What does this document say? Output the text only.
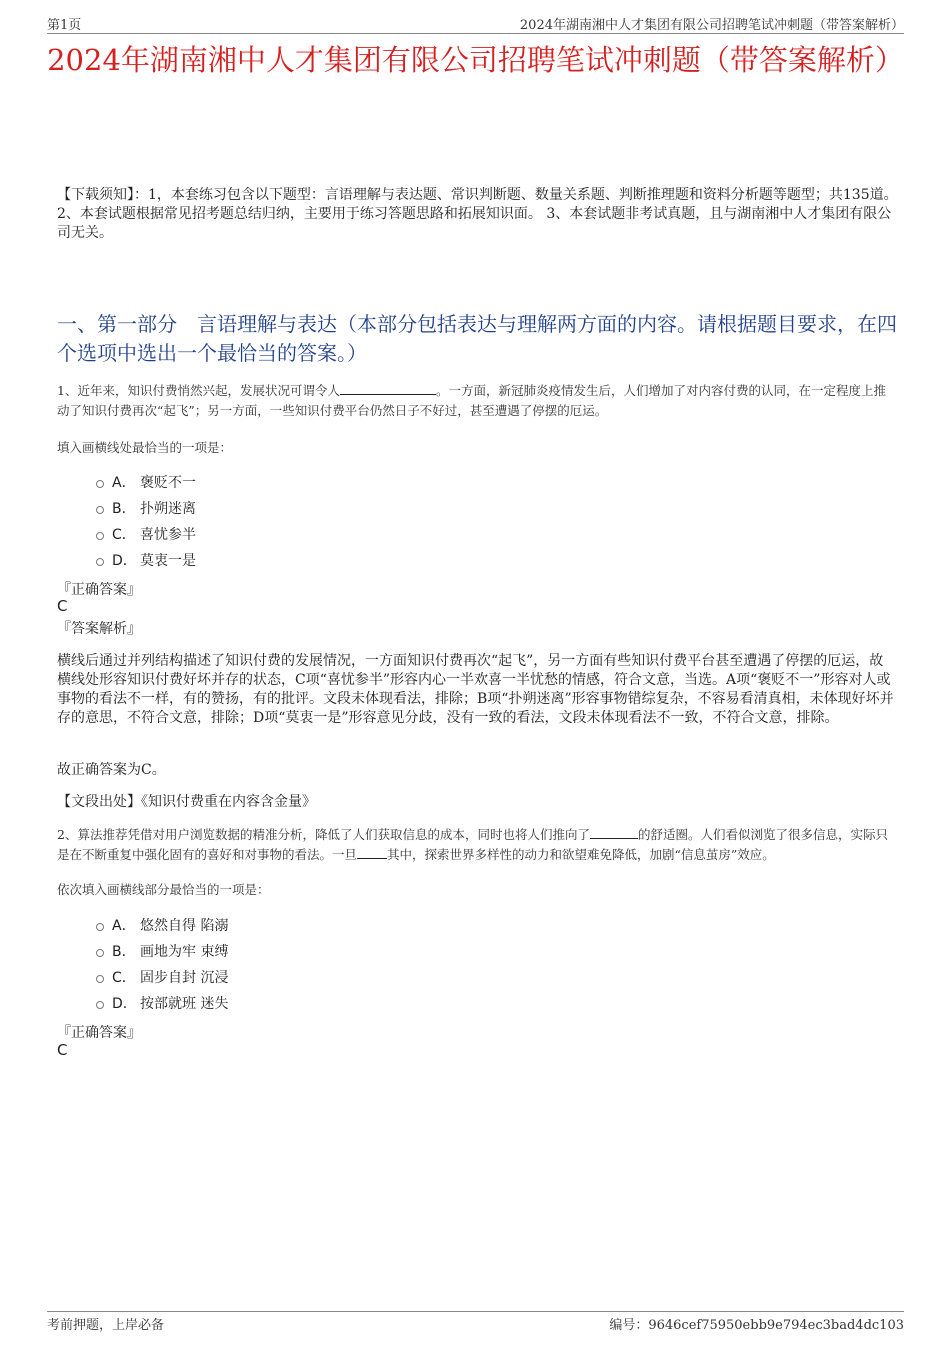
第1页	2024年湖南湘中人才集团有限公司招聘笔试冲刺题（带答案解析）
2024年湖南湘中人才集团有限公司招聘笔试冲刺题（带答案解析）
【下载须知】：1，本套练习包含以下题型：言语理解与表达题、常识判断题、数量关系题、判断推理题和资料分析题等题型；共135道。 2、本套试题根据常见招考题总结归纳，主要用于练习答题思路和拓展知识面。 3、本套试题非考试真题，且与湖南湘中人才集团有限公司无关。
一、第一部分　言语理解与表达（本部分包括表达与理解两方面的内容。请根据题目要求，在四个选项中选出一个最恰当的答案。）
1、近年来，知识付费悄然兴起，发展状况可谓令人	。一方面，新冠肺炎疫情发生后，人们增加了对内容付费的认同，在一定程度上推动了知识付费再次“起飞”；另一方面，一些知识付费平台仍然日子不好过，甚至遭遇了停摆的厄运。
填入画横线处最恰当的一项是：
A． 褒贬不一
B． 扑朔迷离
C． 喜忧参半
D． 莫衷一是
『正确答案』
C
『答案解析』
横线后通过并列结构描述了知识付费的发展情况，一方面知识付费再次“起飞”，另一方面有些知识付费平台甚至遭遇了停摆的厄运，故横线处形容知识付费好坏并存的状态，C项“喜忧参半”形容内心一半欢喜一半忧愁的情感，符合文意，当选。A项“褒贬不一”形容对人或事物的看法不一样，有的赞扬，有的批评。文段未体现看法，排除；B项“扑朔迷离”形容事物错综复杂，不容易看清真相，未体现好坏并存的意思，不符合文意，排除；D项“莫衷一是”形容意见分歧，没有一致的看法，文段未体现看法不一致，不符合文意，排除。
故正确答案为C。
【文段出处】《知识付费重在内容含金量》
2、算法推荐凭借对用户浏览数据的精准分析，降低了人们获取信息的成本，同时也将人们推向了	的舒适圈。人们看似浏览了很多信息，实际只是在不断重复中强化固有的喜好和对事物的看法。一旦 其中，探索世界多样性的动力和欲望难免降低，加剧“信息茧房”效应。
依次填入画横线部分最恰当的一项是：
A． 悠然自得 陷溺
B． 画地为牢 束缚
C． 固步自封 沉浸
D． 按部就班 迷失
『正确答案』
C
考前押题，上岸必备	编号：9646cef75950ebb9e794ec3bad4dc103
